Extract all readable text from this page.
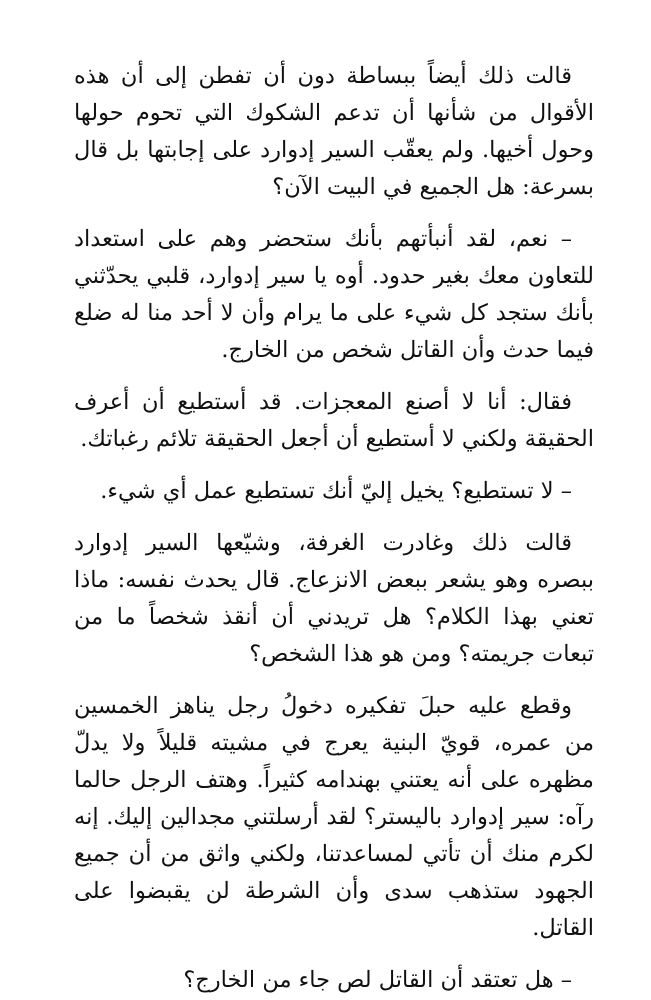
قالت ذلك أيضاً ببساطة دون أن تفطن إلى أن هذه الأقوال من شأنها أن تدعم الشكوك التي تحوم حولها وحول أخيها. ولم يعقّب السير إدوارد على إجابتها بل قال بسرعة: هل الجميع في البيت الآن؟

– نعم، لقد أنبأتهم بأنك ستحضر وهم على استعداد للتعاون معك بغير حدود. أوه يا سير إدوارد، قلبي يحدّثني بأنك ستجد كل شيء على ما يرام وأن لا أحد منا له ضلع فيما حدث وأن القاتل شخص من الخارج.

فقال: أنا لا أصنع المعجزات. قد أستطيع أن أعرف الحقيقة ولكني لا أستطيع أن أجعل الحقيقة تلائم رغباتك.

– لا تستطيع؟ يخيل إليّ أنك تستطيع عمل أي شيء.

قالت ذلك وغادرت الغرفة، وشيّعها السير إدوارد ببصره وهو يشعر ببعض الانزعاج. قال يحدث نفسه: ماذا تعني بهذا الكلام؟ هل تريدني أن أنقذ شخصاً ما من تبعات جريمته؟ ومن هو هذا الشخص؟

وقطع عليه حبلَ تفكيره دخولُ رجل يناهز الخمسين من عمره، قويّ البنية يعرج في مشيته قليلاً ولا يدلّ مظهره على أنه يعتني بهندامه كثيراً. وهتف الرجل حالما رآه: سير إدوارد باليستر؟ لقد أرسلتني مجدالين إليك. إنه لكرم منك أن تأتي لمساعدتنا، ولكني واثق من أن جميع الجهود ستذهب سدى وأن الشرطة لن يقبضوا على القاتل.

– هل تعتقد أن القاتل لص جاء من الخارج؟
